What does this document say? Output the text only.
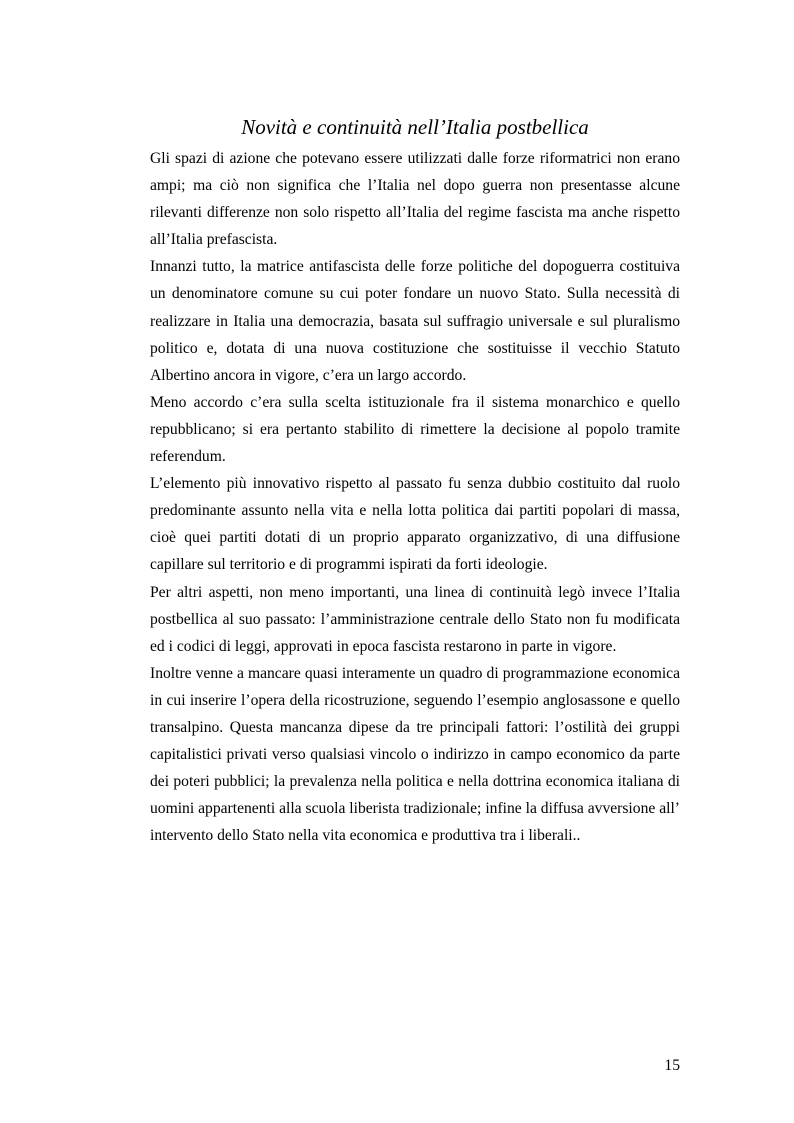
Novità e continuità nell’Italia postbellica

Gli spazi di azione che potevano essere utilizzati dalle forze riformatrici non erano ampi; ma ciò non significa che l’Italia nel dopo guerra non presentasse alcune rilevanti differenze non solo rispetto all’Italia del regime fascista ma anche rispetto all’Italia prefascista.

Innanzi tutto, la matrice antifascista delle forze politiche del dopoguerra costituiva un denominatore comune su cui poter fondare un nuovo Stato. Sulla necessità di realizzare in Italia una democrazia, basata sul suffragio universale e sul pluralismo politico e, dotata di una nuova costituzione che sostituisse il vecchio Statuto Albertino ancora in vigore, c’era un largo accordo.

Meno accordo c’era sulla scelta istituzionale fra il sistema monarchico e quello repubblicano; si era pertanto stabilito di rimettere la decisione al popolo tramite referendum.

L’elemento più innovativo rispetto al passato fu senza dubbio costituito dal ruolo predominante assunto nella vita e nella lotta politica dai partiti popolari di massa, cioè quei partiti dotati di un proprio apparato organizzativo, di una diffusione capillare sul territorio e di programmi ispirati da forti ideologie.

Per altri aspetti, non meno importanti, una linea di continuità legò invece l’Italia postbellica al suo passato: l’amministrazione centrale dello Stato non fu modificata ed i codici di leggi, approvati in epoca fascista restarono in parte in vigore.

Inoltre venne a mancare quasi interamente un quadro di programmazione economica in cui inserire l’opera della ricostruzione, seguendo l’esempio anglosassone e quello transalpino. Questa mancanza dipese da tre principali fattori: l’ostilità dei gruppi capitalistici privati verso qualsiasi vincolo o indirizzo in campo economico da parte dei poteri pubblici; la prevalenza nella politica e nella dottrina economica italiana di uomini appartenenti alla scuola liberista tradizionale; infine la diffusa avversione all’ intervento dello Stato nella vita economica e produttiva tra i liberali..

15
